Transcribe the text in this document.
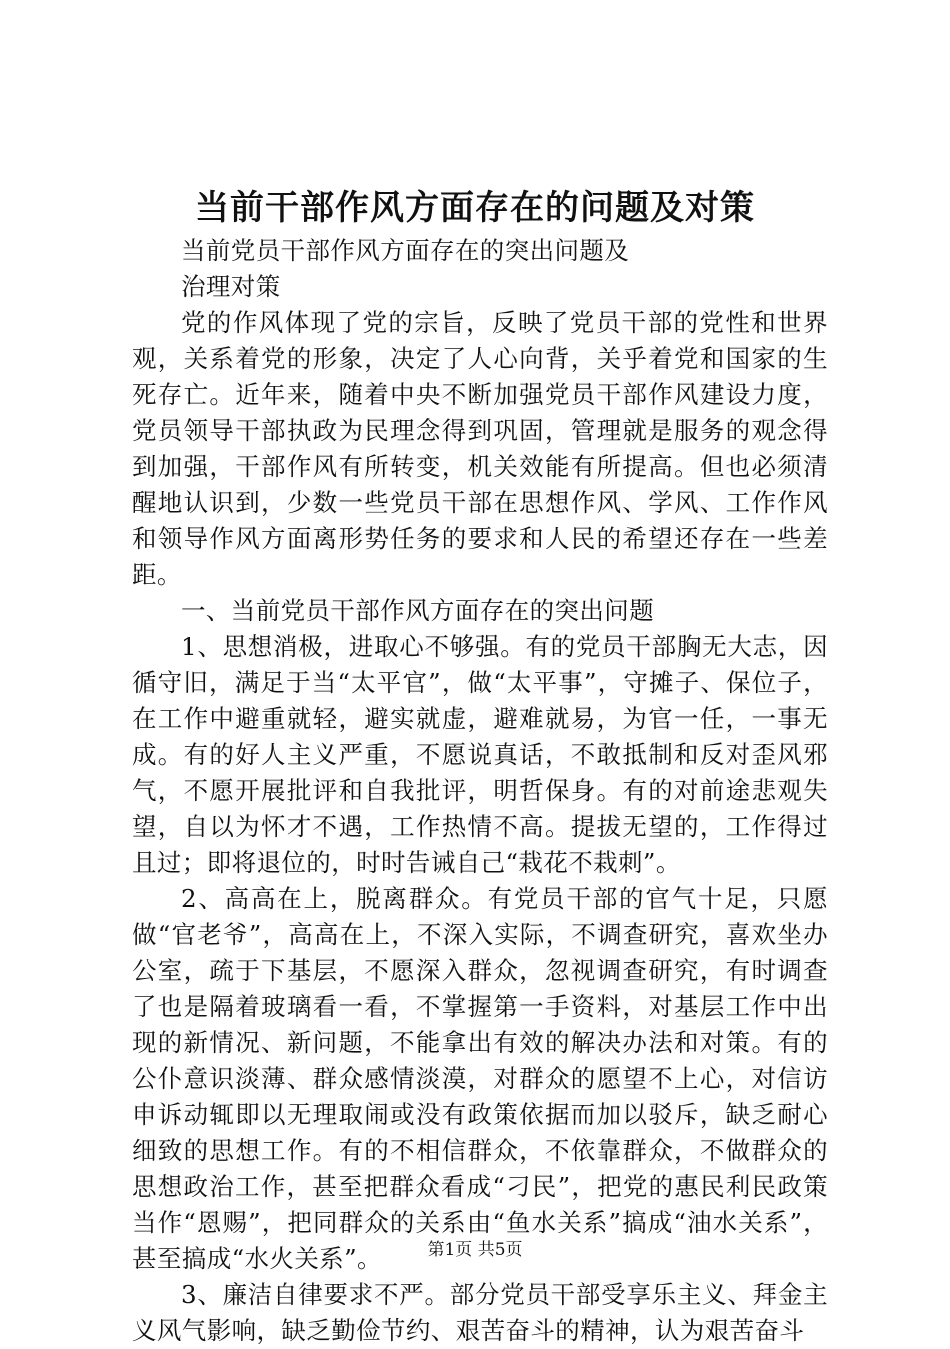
当前干部作风方面存在的问题及对策

当前党员干部作风方面存在的突出问题及

治理对策

党的作风体现了党的宗旨，反映了党员干部的党性和世界观，关系着党的形象，决定了人心向背，关乎着党和国家的生死存亡。近年来，随着中央不断加强党员干部作风建设力度，党员领导干部执政为民理念得到巩固，管理就是服务的观念得到加强，干部作风有所转变，机关效能有所提高。但也必须清醒地认识到，少数一些党员干部在思想作风、学风、工作作风和领导作风方面离形势任务的要求和人民的希望还存在一些差距。

一、当前党员干部作风方面存在的突出问题

1、思想消极，进取心不够强。有的党员干部胸无大志，因循守旧，满足于当“太平官”，做“太平事”，守摊子、保位子，在工作中避重就轻，避实就虚，避难就易，为官一任，一事无成。有的好人主义严重，不愿说真话，不敢抵制和反对歪风邪气，不愿开展批评和自我批评，明哲保身。有的对前途悲观失望，自以为怀才不遇，工作热情不高。提拔无望的，工作得过且过；即将退位的，时时告诫自己“栽花不栽刺”。

2、高高在上，脱离群众。有党员干部的官气十足，只愿做“官老爷”，高高在上，不深入实际，不调查研究，喜欢坐办公室，疏于下基层，不愿深入群众，忽视调查研究，有时调查了也是隔着玻璃看一看，不掌握第一手资料，对基层工作中出现的新情况、新问题，不能拿出有效的解决办法和对策。有的公仆意识淡薄、群众感情淡漠，对群众的愿望不上心，对信访申诉动辄即以无理取闹或没有政策依据而加以驳斥，缺乏耐心细致的思想工作。有的不相信群众，不依靠群众，不做群众的思想政治工作，甚至把群众看成“刁民”，把党的惠民利民政策当作“恩赐”，把同群众的关系由“鱼水关系”搞成“油水关系”，甚至搞成“水火关系”。

3、廉洁自律要求不严。部分党员干部受享乐主义、拜金主义风气影响，缺乏勤俭节约、艰苦奋斗的精神，认为艰苦奋斗

第1页 共5页
